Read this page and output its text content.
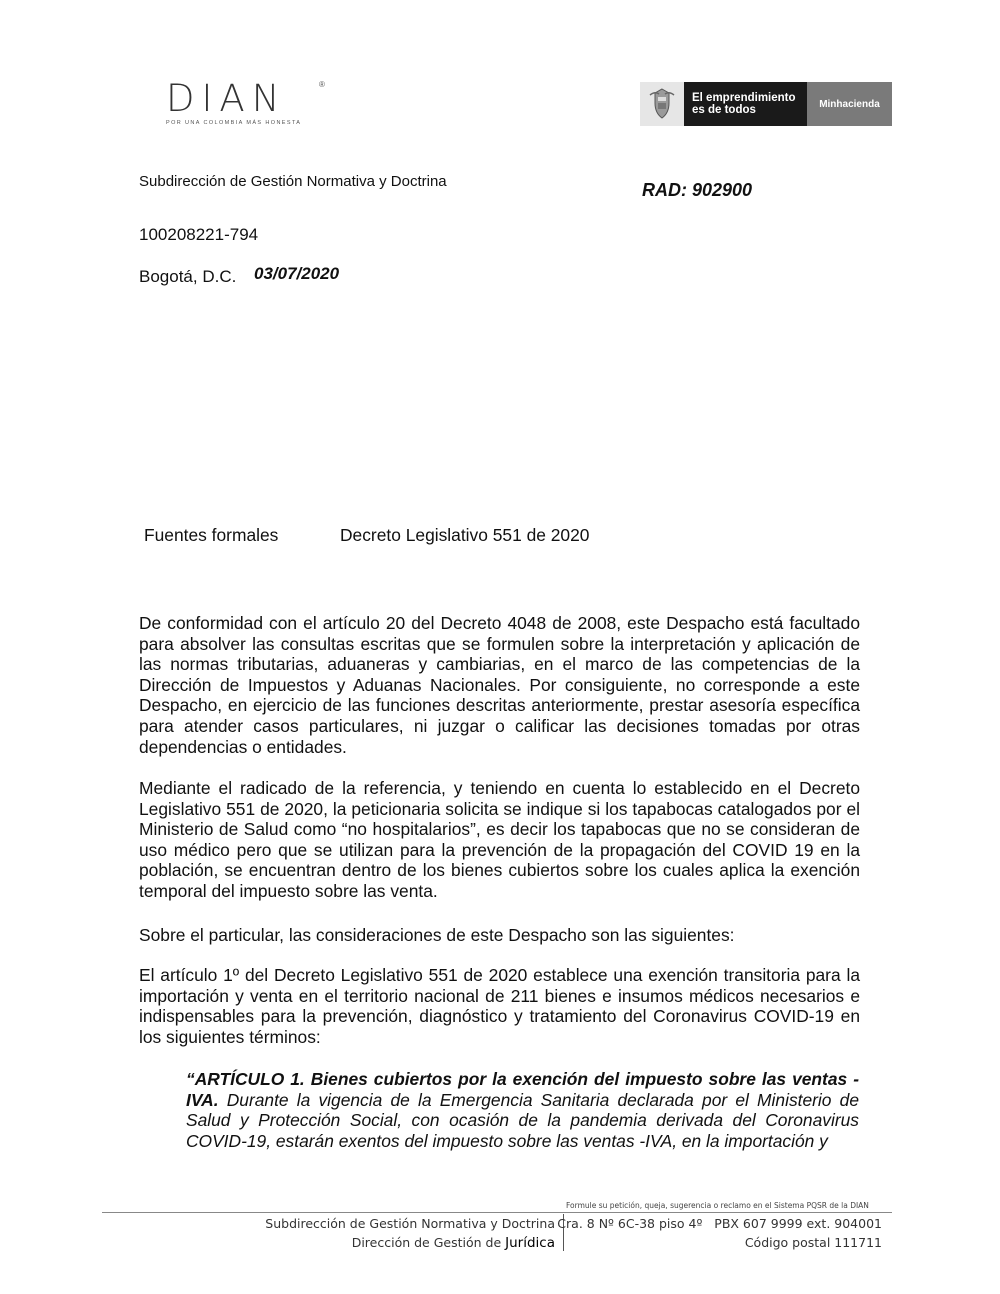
DIAN
POR UNA COLOMBIA MÁS HONESTA
®
El emprendimiento
es de todos	Minhacienda
Subdirección de Gestión Normativa y Doctrina	RAD: 902900
100208221-794
Bogotá, D.C. 03/07/2020
Fuentes formales	Decreto Legislativo 551 de 2020
De conformidad con el artículo 20 del Decreto 4048 de 2008, este Despacho está facultado para absolver las consultas escritas que se formulen sobre la interpretación y aplicación de las normas tributarias, aduaneras y cambiarias, en el marco de las competencias de la Dirección de Impuestos y Aduanas Nacionales. Por consiguiente, no corresponde a este Despacho, en ejercicio de las funciones descritas anteriormente, prestar asesoría específica para atender casos particulares, ni juzgar o calificar las decisiones tomadas por otras dependencias o entidades.
Mediante el radicado de la referencia, y teniendo en cuenta lo establecido en el Decreto Legislativo 551 de 2020, la peticionaria solicita se indique si los tapabocas catalogados por el Ministerio de Salud como “no hospitalarios”, es decir los tapabocas que no se consideran de uso médico pero que se utilizan para la prevención de la propagación del COVID 19 en la población, se encuentran dentro de los bienes cubiertos sobre los cuales aplica la exención temporal del impuesto sobre las venta.
Sobre el particular, las consideraciones de este Despacho son las siguientes:
El artículo 1º del Decreto Legislativo 551 de 2020 establece una exención transitoria para la importación y venta en el territorio nacional de 211 bienes e insumos médicos necesarios e indispensables para la prevención, diagnóstico y tratamiento del Coronavirus COVID-19 en los siguientes términos:
“ARTÍCULO 1. Bienes cubiertos por la exención del impuesto sobre las ventas -IVA. Durante la vigencia de la Emergencia Sanitaria declarada por el Ministerio de Salud y Protección Social, con ocasión de la pandemia derivada del Coronavirus COVID-19, estarán exentos del impuesto sobre las ventas -IVA, en la importación y
Formule su petición, queja, sugerencia o reclamo en el Sistema PQSR de la DIAN
Subdirección de Gestión Normativa y Doctrina
Dirección de Gestión de Jurídica
Cra. 8 Nº 6C-38 piso 4º   PBX 607 9999 ext. 904001
Código postal 111711
